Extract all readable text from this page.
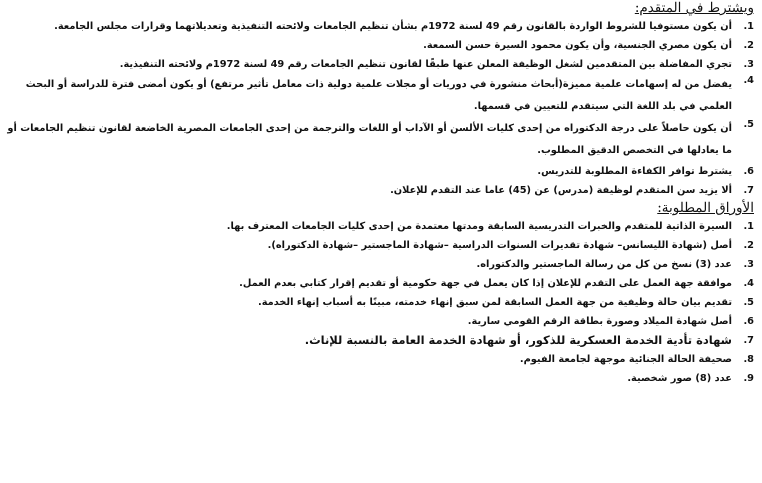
ويشترط في المتقدم:
.1
أن يكون مستوفيا للشروط الواردة بالقانون رقم 49 لسنة 1972م بشأن تنظيم الجامعات ولائحته التنفيذية وتعديلاتهما وقرارات مجلس الجامعة.
.2
أن يكون مصري الجنسية، وأن يكون محمود السيرة حسن السمعة.
.3
تجري المفاضلة بين المتقدمين لشغل الوظيفة المعلن عنها طبقًا لقانون تنظيم الجامعات رقم 49 لسنة 1972م ولائحته التنفيذية.
.4
يفضل من له إسهامات علمية مميزة(أبحاث منشورة في دوريات أو مجلات علمية دولية ذات معامل تأثير مرتفع) أو يكون أمضى فترة للدراسة أو البحث العلمي في بلد اللغة التي سيتقدم للتعيين في قسمها.
.5
أن يكون حاصلاً على درجة الدكتوراه من إحدى كليات الألسن أو الآداب أو اللغات والترجمة من إحدى الجامعات المصرية الخاضعة لقانون تنظيم الجامعات أو ما يعادلها في التخصص الدقيق المطلوب.
.6
يشترط توافر الكفاءة المطلوبة للتدريس.
.7
ألا يزيد سن المتقدم لوظيفة (مدرس) عن (45) عاما عند التقدم للإعلان.
الأوراق المطلوبة:
.1
السيرة الذاتية للمتقدم والخبرات التدريسية السابقة ومدتها معتمدة من إحدى كليات الجامعات المعترف بها.
.2
أصل (شهادة الليسانس– شهادة تقديرات السنوات الدراسية –شهادة الماجستير –شهادة الدكتوراه).
.3
عدد (3) نسخ من كل من رسالة الماجستير والدكتوراه.
.4
موافقة جهة العمل على التقدم للإعلان إذا كان يعمل في جهة حكومية أو تقديم إقرار كتابي بعدم العمل.
.5
تقديم بيان حالة وظيفية من جهة العمل السابقة لمن سبق إنهاء خدمته، مبينًا به أسباب إنهاء الخدمة.
.6
أصل شهادة الميلاد وصورة بطاقة الرقم القومي سارية.
.7
شهادة تأدية الخدمة العسكرية للذكور، أو شهادة الخدمة العامة بالنسبة للإناث.
.8
صحيفة الحالة الجنائية موجهة لجامعة الفيوم.
.9
عدد (8) صور شخصية.
